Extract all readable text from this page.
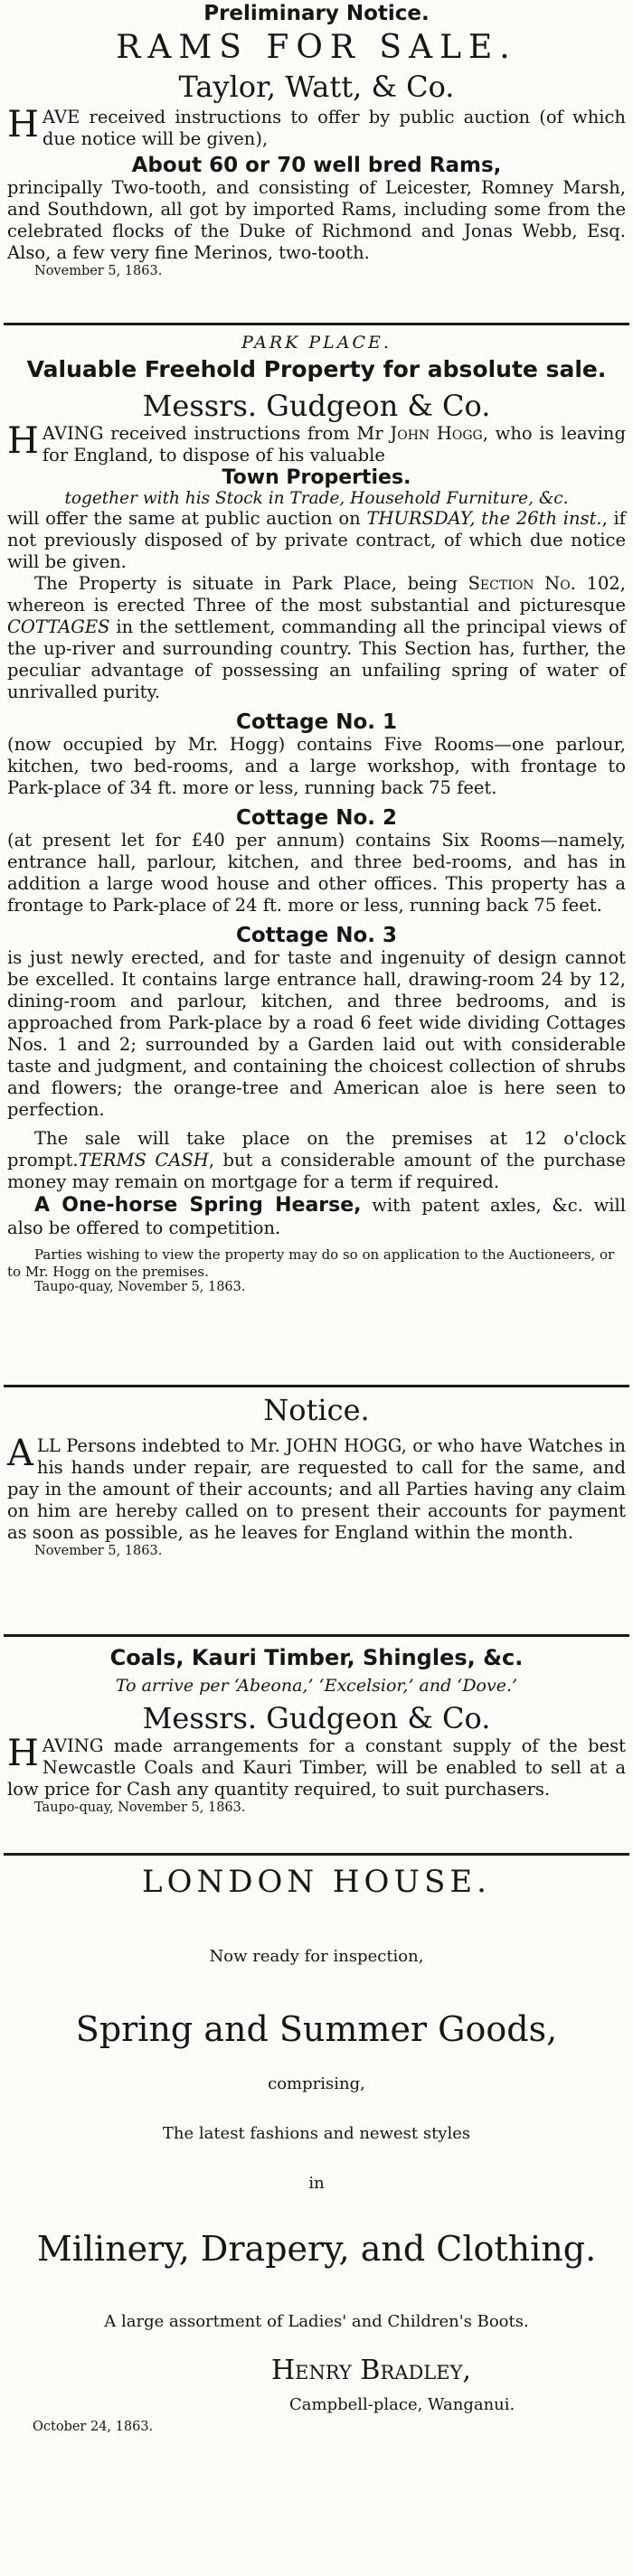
Preliminary Notice.
RAMS FOR SALE.
Taylor, Watt, & Co.

HAVE received instructions to offer by public auction (of which due notice will be given),

About 60 or 70 well bred Rams,

principally Two-tooth, and consisting of Leicester, Romney Marsh, and Southdown, all got by imported Rams, including some from the celebrated flocks of the Duke of Richmond and Jonas Webb, Esq. Also, a few very fine Merinos, two-tooth.

November 5, 1863.
PARK PLACE.
Valuable Freehold Property for absolute sale.
Messrs. Gudgeon & Co.

HAVING received instructions from Mr John Hogg, who is leaving for England, to dispose of his valuable

Town Properties.
together with his Stock in Trade, Household Furniture, &c.

will offer the same at public auction on THURSDAY, the 26th inst., if not previously disposed of by private contract, of which due notice will be given.

The Property is situate in Park Place, being Section No. 102, whereon is erected Three of the most substantial and picturesque COTTAGES in the settlement, commanding all the principal views of the up-river and surrounding country. This Section has, further, the peculiar advantage of possessing an unfailing spring of water of unrivalled purity.

Cottage No. 1

(now occupied by Mr. Hogg) contains Five Rooms—one parlour, kitchen, two bed-rooms, and a large workshop, with frontage to Park-place of 34 ft. more or less, running back 75 feet.

Cottage No. 2

(at present let for £40 per annum) contains Six Rooms—namely, entrance hall, parlour, kitchen, and three bed-rooms, and has in addition a large wood house and other offices. This property has a frontage to Park-place of 24 ft. more or less, running back 75 feet.

Cottage No. 3

is just newly erected, and for taste and ingenuity of design cannot be excelled. It contains large entrance hall, drawing-room 24 by 12, dining-room and parlour, kitchen, and three bedrooms, and is approached from Park-place by a road 6 feet wide dividing Cottages Nos. 1 and 2; surrounded by a Garden laid out with considerable taste and judgment, and containing the choicest collection of shrubs and flowers; the orange-tree and American aloe is here seen to perfection.

The sale will take place on the premises at 12 o'clock prompt.TERMS CASH, but a considerable amount of the purchase money may remain on mortgage for a term if required.

A One-horse Spring Hearse, with patent axles, &c. will also be offered to competition.

Parties wishing to view the property may do so on application to the Auctioneers, or to Mr. Hogg on the premises.

Taupo-quay, November 5, 1863.
Notice.

ALL Persons indebted to Mr. JOHN HOGG, or who have Watches in his hands under repair, are requested to call for the same, and pay in the amount of their accounts; and all Parties having any claim on him are hereby called on to present their accounts for payment as soon as possible, as he leaves for England within the month.

November 5, 1863.
Coals, Kauri Timber, Shingles, &c.
To arrive per ‘Abeona,’ ‘Excelsior,’ and ‘Dove.’
Messrs. Gudgeon & Co.

HAVING made arrangements for a constant supply of the best Newcastle Coals and Kauri Timber, will be enabled to sell at a low price for Cash any quantity required, to suit purchasers.

Taupo-quay, November 5, 1863.
LONDON HOUSE.
Now ready for inspection,
Spring and Summer Goods,
comprising,
The latest fashions and newest styles
in
Milinery, Drapery, and Clothing.
A large assortment of Ladies' and Children's Boots.
Henry Bradley,
Campbell-place, Wanganui.
October 24, 1863.
